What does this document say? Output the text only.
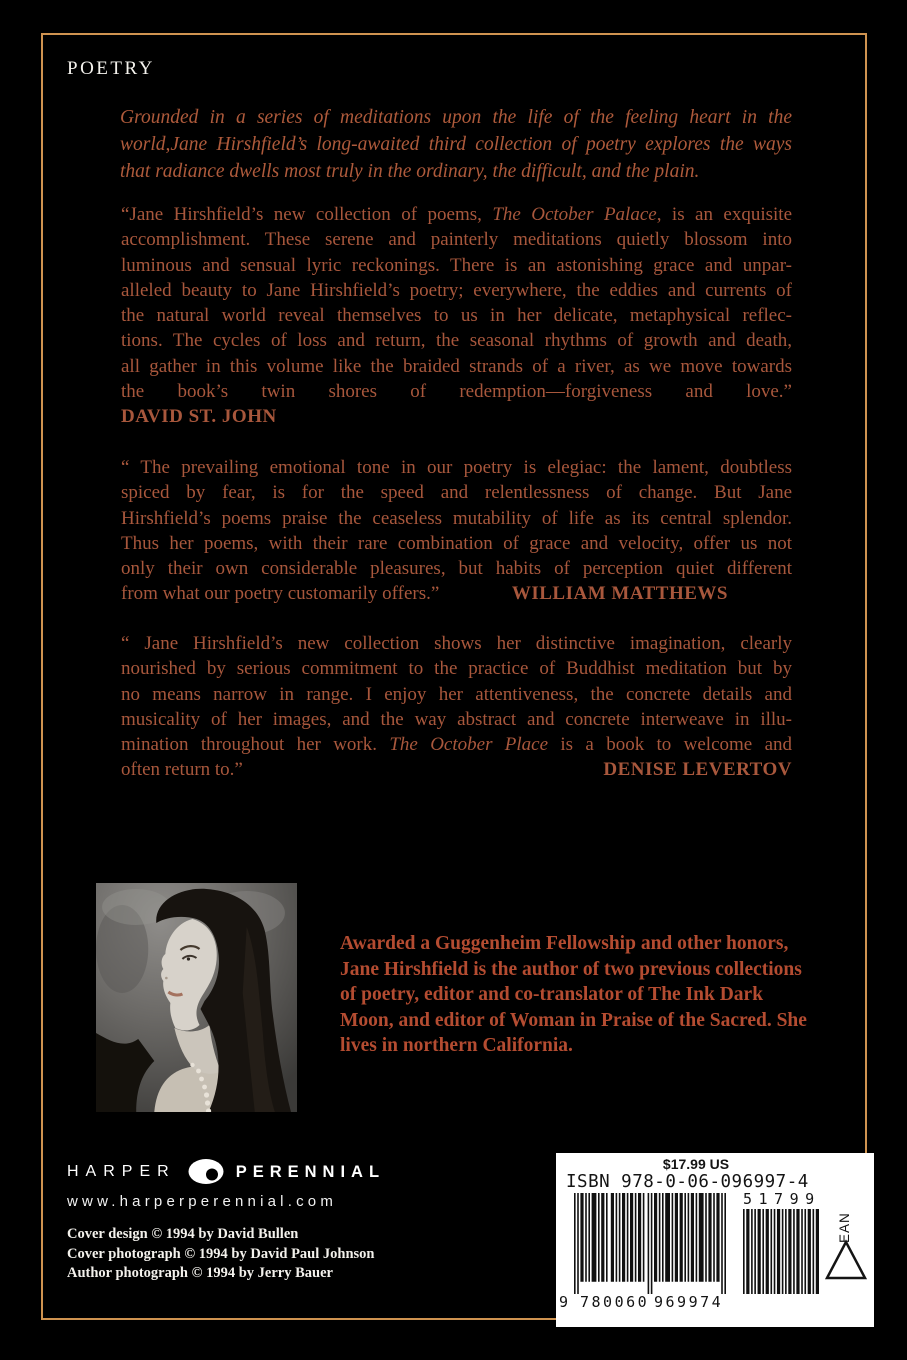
POETRY
Grounded in a series of meditations upon the life of the feeling heart in the
world,Jane Hirshfield’s long-awaited third collection of poetry explores the ways
that radiance dwells most truly in the ordinary, the difficult, and the plain.
“Jane Hirshfield’s new collection of poems, The October Palace, is an exquisite
accomplishment. These serene and painterly meditations quietly blossom into
luminous and sensual lyric reckonings. There is an astonishing grace and unpar-
alleled beauty to Jane Hirshfield’s poetry; everywhere, the eddies and currents of
the natural world reveal themselves to us in her delicate, metaphysical reflec-
tions. The cycles of loss and return, the seasonal rhythms of growth and death,
all gather in this volume like the braided strands of a river, as we move towards
the book’s twin shores of redemption—forgiveness and love.”
DAVID ST. JOHN
“ The prevailing emotional tone in our poetry is elegiac: the lament, doubtless
spiced by fear, is for the speed and relentlessness of change. But Jane
Hirshfield’s poems praise the ceaseless mutability of life as its central splendor.
Thus her poems, with their rare combination of grace and velocity, offer us not
only their own considerable pleasures, but habits of perception quiet different
from what our poetry customarily offers.”	WILLIAM MATTHEWS
“ Jane Hirshfield’s new collection shows her distinctive imagination, clearly
nourished by serious commitment to the practice of Buddhist meditation but by
no means narrow in range. I enjoy her attentiveness, the concrete details and
musicality of her images, and the way abstract and concrete interweave in illu-
mination throughout her work. The October Place is a book to welcome and
often return to.”	DENISE LEVERTOV
Awarded a Guggenheim Fellowship and other honors,
Jane Hirshfield is the author of two previous collections
of poetry, editor and co-translator of The Ink Dark
Moon, and editor of Woman in Praise of the Sacred. She
lives in northern California.
HARPER	PERENNIAL
www.harperperennial.com
Cover design © 1994 by David Bullen
Cover photograph © 1994 by David Paul Johnson
Author photograph © 1994 by Jerry Bauer
$17.99 US
ISBN 978-0-06-096997-4
9 780060 969974
51799
EAN
